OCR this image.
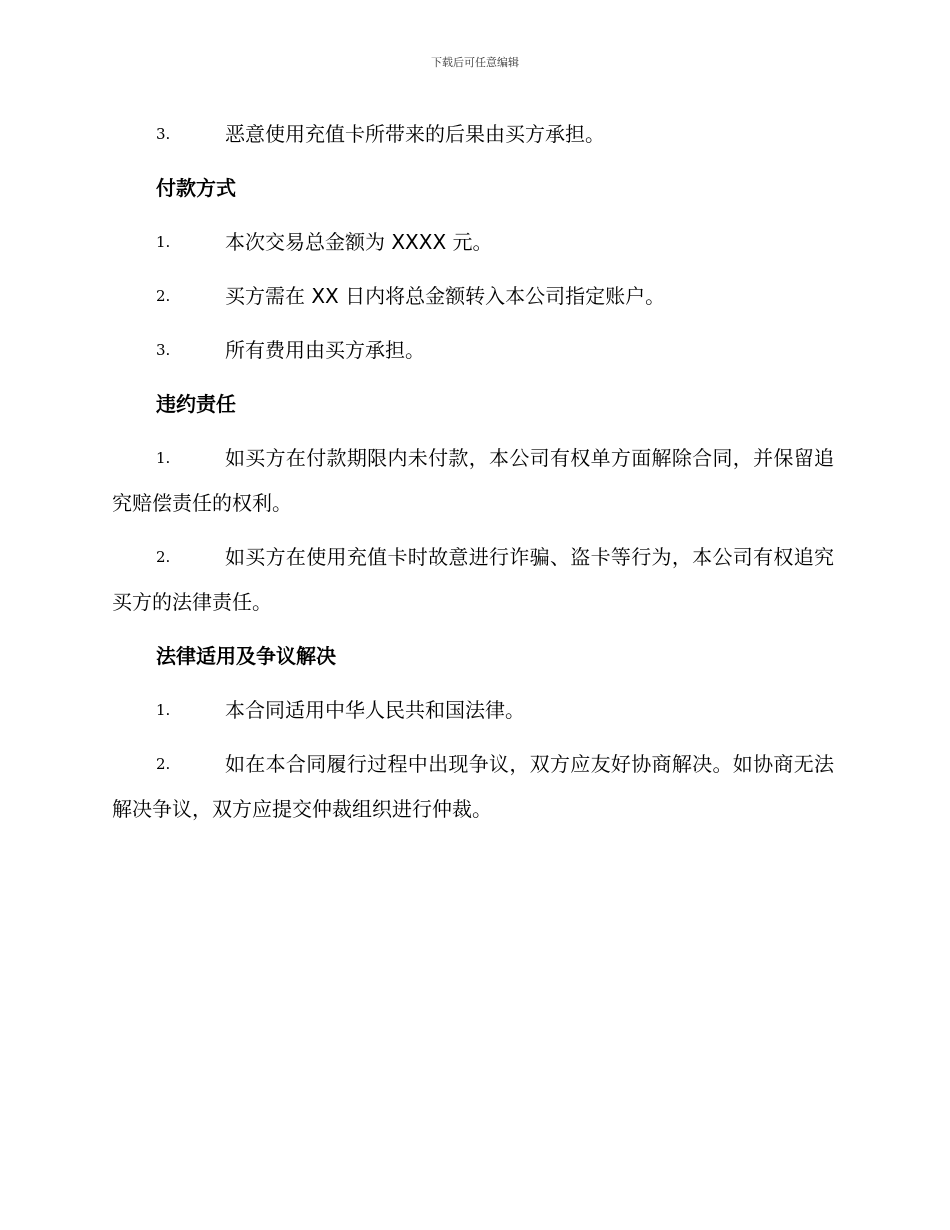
下载后可任意编辑
3.	恶意使用充值卡所带来的后果由买方承担。
付款方式
1.	本次交易总金额为 XXXX 元。
2.	买方需在 XX 日内将总金额转入本公司指定账户。
3.	所有费用由买方承担。
违约责任
1.	如买方在付款期限内未付款，本公司有权单方面解除合同，并保留追究赔偿责任的权利。
2.	如买方在使用充值卡时故意进行诈骗、盗卡等行为，本公司有权追究买方的法律责任。
法律适用及争议解决
1.	本合同适用中华人民共和国法律。
2.	如在本合同履行过程中出现争议，双方应友好协商解决。如协商无法解决争议，双方应提交仲裁组织进行仲裁。
